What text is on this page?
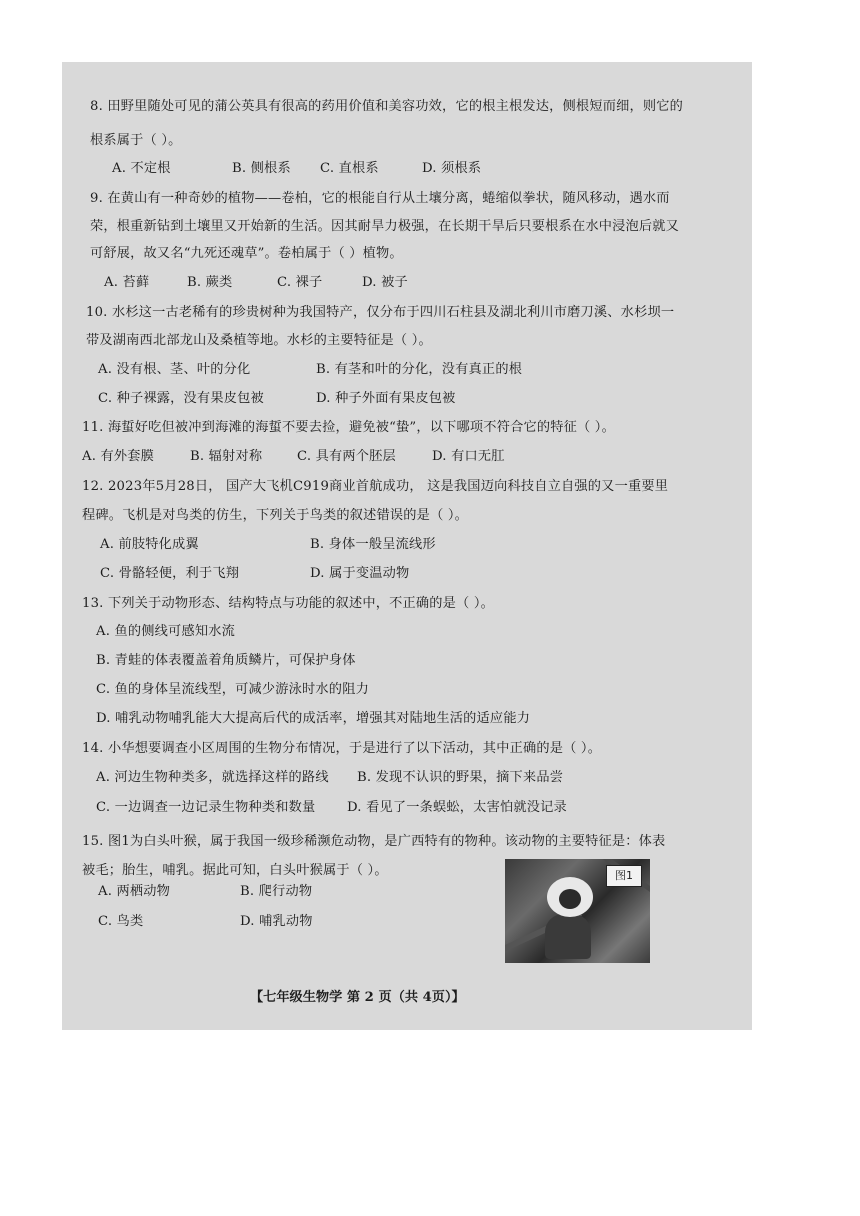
8. 田野里随处可见的蒲公英具有很高的药用价值和美容功效，它的根主根发达，侧根短而细，则它的
根系属于（ ）。
A. 不定根	B. 侧根系 C. 直根系	D. 须根系
9. 在黄山有一种奇妙的植物——卷柏，它的根能自行从土壤分离，蜷缩似拳状，随风移动，遇水而
荣，根重新钻到土壤里又开始新的生活。因其耐旱力极强，在长期干旱后只要根系在水中浸泡后就又
可舒展，故又名“九死还魂草”。卷柏属于（ ）植物。
A. 苔藓	B. 蕨类	C. 裸子	D. 被子
10. 水杉这一古老稀有的珍贵树种为我国特产，仅分布于四川石柱县及湖北利川市磨刀溪、水杉坝一
带及湖南西北部龙山及桑植等地。水杉的主要特征是（ ）。
A. 没有根、茎、叶的分化	B. 有茎和叶的分化，没有真正的根
C. 种子裸露，没有果皮包被	D. 种子外面有果皮包被
11. 海蜇好吃但被冲到海滩的海蜇不要去捡，避免被“蛰”，以下哪项不符合它的特征（ ）。
A. 有外套膜	B. 辐射对称	C. 具有两个胚层	D. 有口无肛
12. 2023年5月28日， 国产大飞机C919商业首航成功， 这是我国迈向科技自立自强的又一重要里
程碑。飞机是对鸟类的仿生，下列关于鸟类的叙述错误的是（ ）。
A. 前肢特化成翼	B. 身体一般呈流线形
C. 骨骼轻便，利于飞翔	D. 属于变温动物
13. 下列关于动物形态、结构特点与功能的叙述中，不正确的是（ ）。
A. 鱼的侧线可感知水流
B. 青蛙的体表覆盖着角质鳞片，可保护身体
C. 鱼的身体呈流线型，可减少游泳时水的阻力
D. 哺乳动物哺乳能大大提高后代的成活率，增强其对陆地生活的适应能力
14. 小华想要调查小区周围的生物分布情况，于是进行了以下活动，其中正确的是（ ）。
A. 河边生物种类多，就选择这样的路线 B. 发现不认识的野果，摘下来品尝
C. 一边调查一边记录生物种类和数量 D. 看见了一条蜈蚣，太害怕就没记录
15. 图1为白头叶猴，属于我国一级珍稀濒危动物，是广西特有的物种。该动物的主要特征是：体表
被毛；胎生，哺乳。据此可知，白头叶猴属于（ ）。
A. 两栖动物	B. 爬行动物
C. 鸟类	D. 哺乳动物
图1
【七年级生物学 第 2 页（共 4页）】
